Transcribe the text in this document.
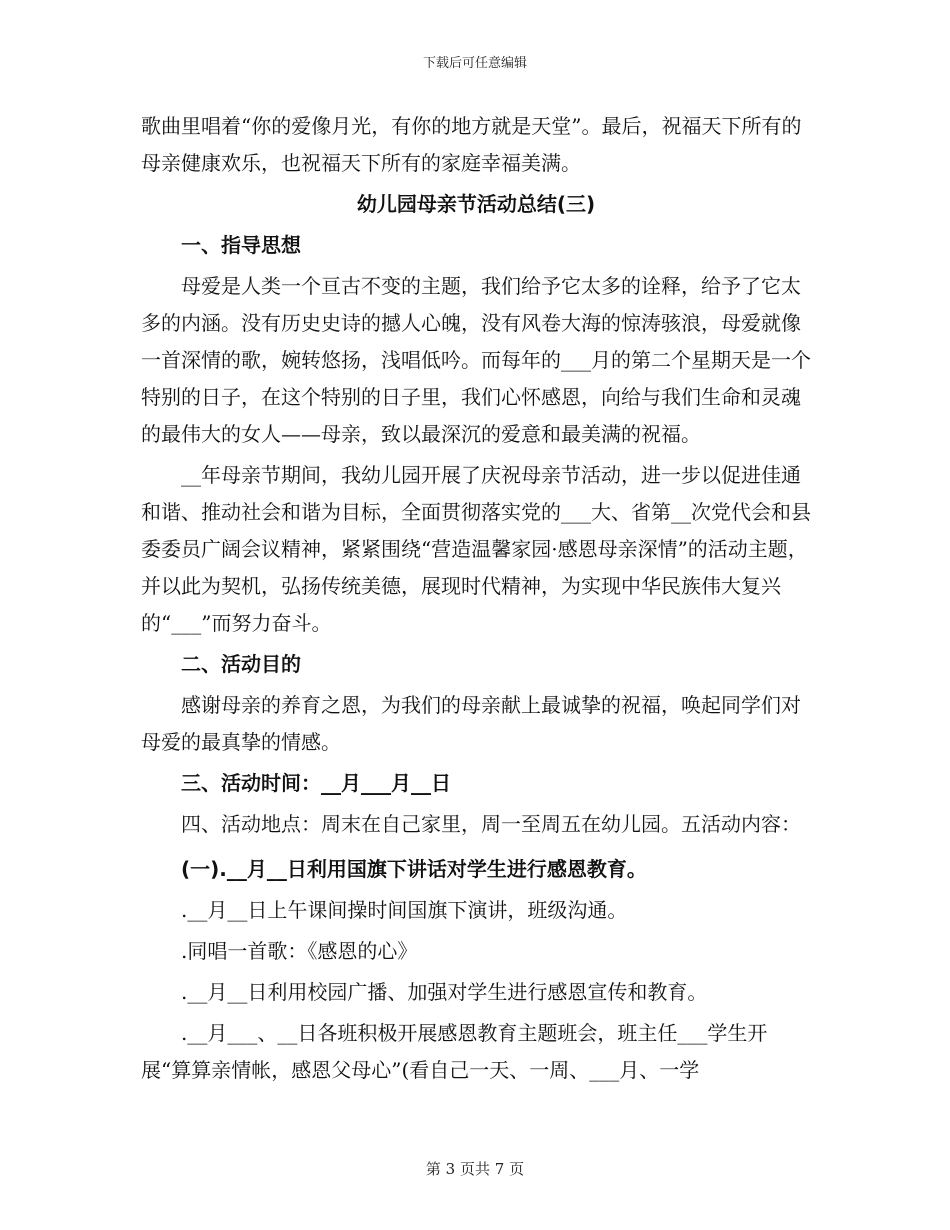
下载后可任意编辑

歌曲里唱着“你的爱像月光，有你的地方就是天堂”。最后，祝福天下所有的母亲健康欢乐，也祝福天下所有的家庭幸福美满。

幼儿园母亲节活动总结(三)

一、指导思想

母爱是人类一个亘古不变的主题，我们给予它太多的诠释，给予了它太多的内涵。没有历史史诗的撼人心魄，没有风卷大海的惊涛骇浪，母爱就像一首深情的歌，婉转悠扬，浅唱低吟。而每年的___月的第二个星期天是一个特别的日子，在这个特别的日子里，我们心怀感恩，向给与我们生命和灵魂的最伟大的女人——母亲，致以最深沉的爱意和最美满的祝福。

__年母亲节期间，我幼儿园开展了庆祝母亲节活动，进一步以促进佳通和谐、推动社会和谐为目标，全面贯彻落实党的___大、省第__次党代会和县委委员广阔会议精神，紧紧围绕“营造温馨家园·感恩母亲深情”的活动主题，并以此为契机，弘扬传统美德，展现时代精神，为实现中华民族伟大复兴的“___”而努力奋斗。

二、活动目的

感谢母亲的养育之恩，为我们的母亲献上最诚挚的祝福，唤起同学们对母爱的最真挚的情感。

三、活动时间：__月___月__日

四、活动地点：周末在自己家里，周一至周五在幼儿园。五活动内容：

(一).__月__日利用国旗下讲话对学生进行感恩教育。

.__月__日上午课间操时间国旗下演讲，班级沟通。

.同唱一首歌：《感恩的心》

.__月__日利用校园广播、加强对学生进行感恩宣传和教育。

.__月___、__日各班积极开展感恩教育主题班会，班主任___学生开展“算算亲情帐，感恩父母心”(看自己一天、一周、___月、一学

第 3 页共 7 页
